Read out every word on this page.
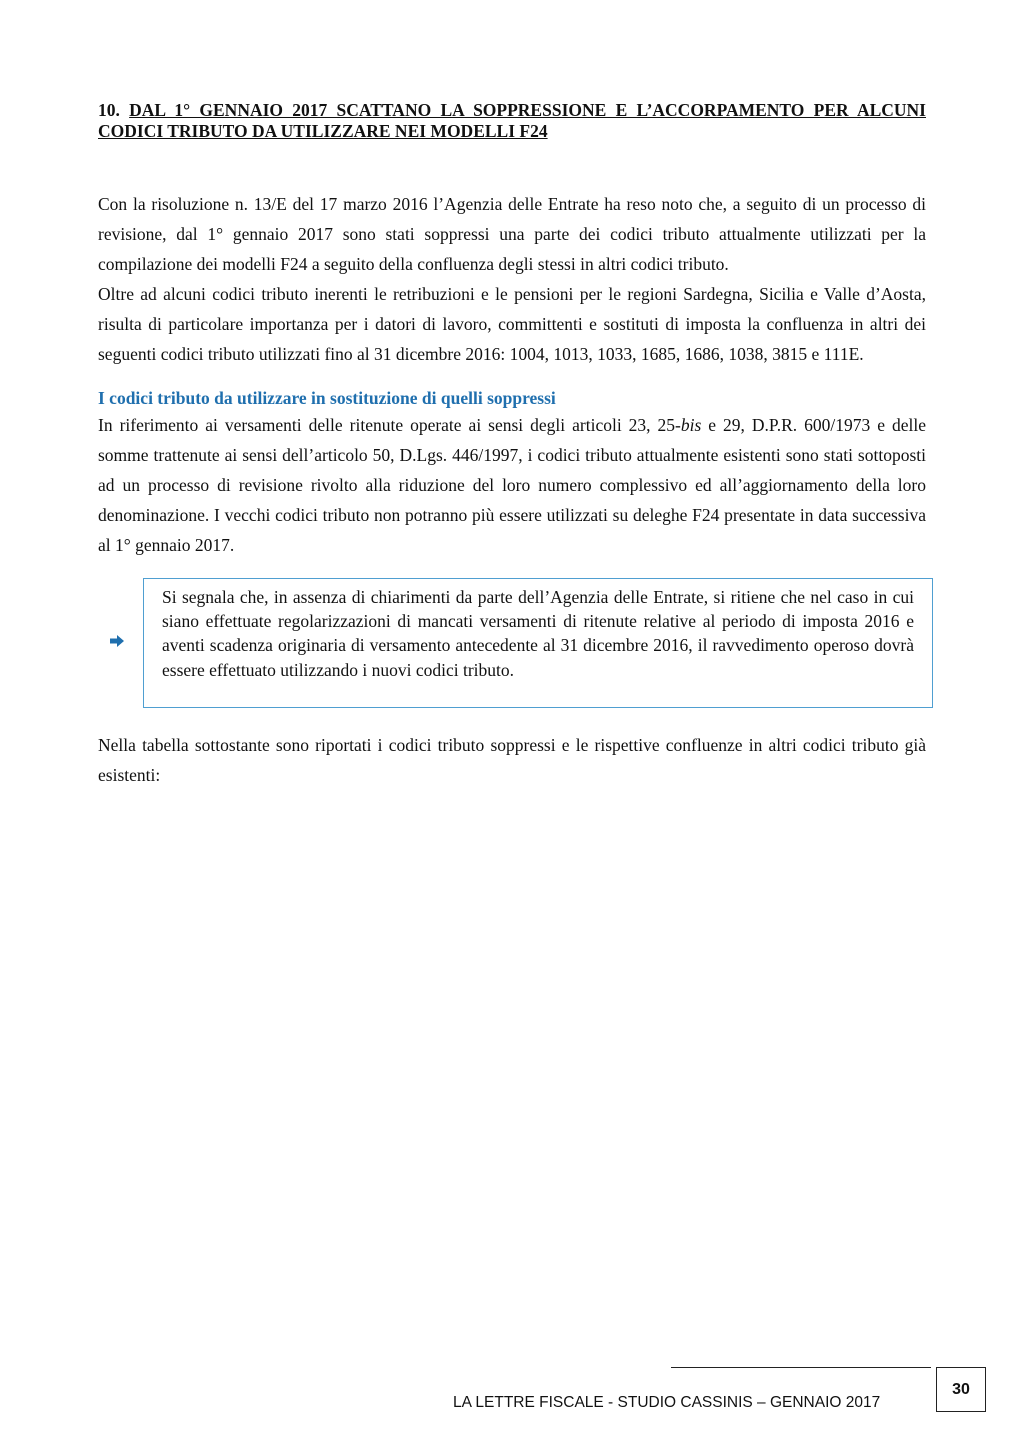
10. DAL 1° GENNAIO 2017 SCATTANO LA SOPPRESSIONE E L’ACCORPAMENTO PER ALCUNI CODICI TRIBUTO DA UTILIZZARE NEI MODELLI F24

Con la risoluzione n. 13/E del 17 marzo 2016 l’Agenzia delle Entrate ha reso noto che, a seguito di un processo di revisione, dal 1° gennaio 2017 sono stati soppressi una parte dei codici tributo attualmente utilizzati per la compilazione dei modelli F24 a seguito della confluenza degli stessi in altri codici tributo.

Oltre ad alcuni codici tributo inerenti le retribuzioni e le pensioni per le regioni Sardegna, Sicilia e Valle d’Aosta, risulta di particolare importanza per i datori di lavoro, committenti e sostituti di imposta la confluenza in altri dei seguenti codici tributo utilizzati fino al 31 dicembre 2016: 1004, 1013, 1033, 1685, 1686, 1038, 3815 e 111E.

I codici tributo da utilizzare in sostituzione di quelli soppressi

In riferimento ai versamenti delle ritenute operate ai sensi degli articoli 23, 25-bis e 29, D.P.R. 600/1973 e delle somme trattenute ai sensi dell’articolo 50, D.Lgs. 446/1997, i codici tributo attualmente esistenti sono stati sottoposti ad un processo di revisione rivolto alla riduzione del loro numero complessivo ed all’aggiornamento della loro denominazione. I vecchi codici tributo non potranno più essere utilizzati su deleghe F24 presentate in data successiva al 1° gennaio 2017.

Si segnala che, in assenza di chiarimenti da parte dell’Agenzia delle Entrate, si ritiene che nel caso in cui siano effettuate regolarizzazioni di mancati versamenti di ritenute relative al periodo di imposta 2016 e aventi scadenza originaria di versamento antecedente al 31 dicembre 2016, il ravvedimento operoso dovrà essere effettuato utilizzando i nuovi codici tributo.

Nella tabella sottostante sono riportati i codici tributo soppressi e le rispettive confluenze in altri codici tributo già esistenti:

LA LETTRE FISCALE - STUDIO CASSINIS – GENNAIO 2017
30
